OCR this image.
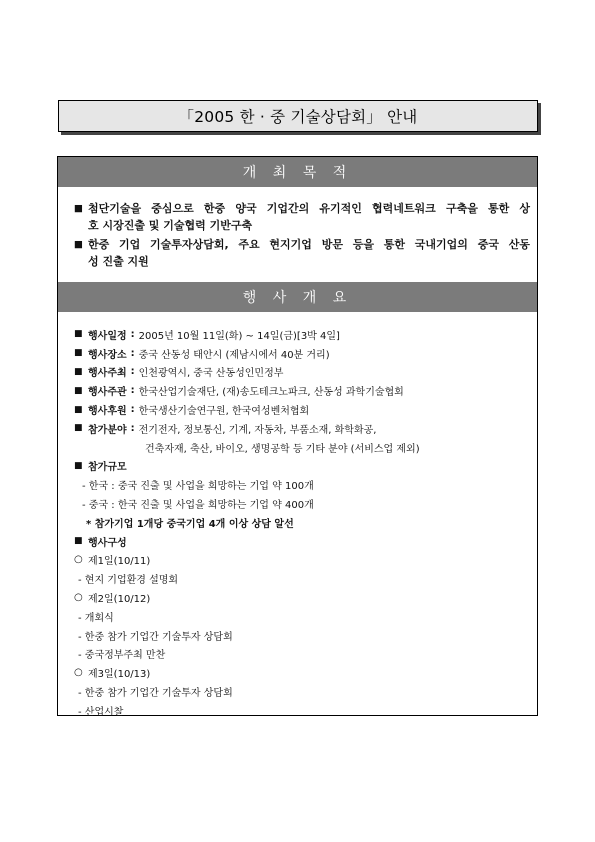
「2005 한 · 중 기술상담회」 안내
개 최 목 적
■ 첨단기술을 중심으로 한중 양국 기업간의 유기적인 협력네트워크 구축을 통한 상
호 시장진출 및 기술협력 기반구축
■ 한중 기업 기술투자상담회, 주요 현지기업 방문 등을 통한 국내기업의 중국 산동
성 진출 지원
행 사 개 요
■ 행사일정 : 2005년 10월 11일(화) ~ 14일(금)[3박 4일]
■ 행사장소 : 중국 산동성 태안시 (제남시에서 40분 거리)
■ 행사주최 : 인천광역시, 중국 산동성인민정부
■ 행사주관 : 한국산업기술재단, (재)송도테크노파크, 산동성 과학기술협회
■ 행사후원 : 한국생산기술연구원, 한국여성벤처협회
■ 참가분야 : 전기전자, 정보통신, 기계, 자동차, 부품소재, 화학화공,
건축자재, 축산, 바이오, 생명공학 등 기타 분야 (서비스업 제외)
■ 참가규모
- 한국 : 중국 진출 및 사업을 희망하는 기업 약 100개
- 중국 : 한국 진출 및 사업을 희망하는 기업 약 400개
* 참가기업 1개당 중국기업 4개 이상 상담 알선
■ 행사구성
○ 제1일(10/11)
- 현지 기업환경 설명회
○ 제2일(10/12)
- 개회식
- 한중 참가 기업간 기술투자 상담회
- 중국정부주최 만찬
○ 제3일(10/13)
- 한중 참가 기업간 기술투자 상담회
- 산업시찰
